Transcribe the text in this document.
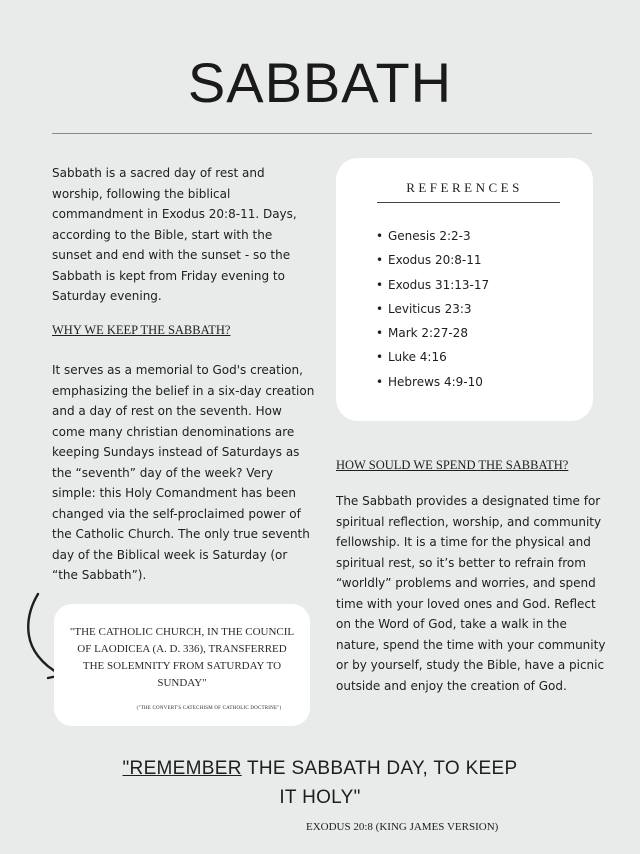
SABBATH

Sabbath is a sacred day of rest and worship, following the biblical commandment in Exodus 20:8-11. Days, according to the Bible, start with the sunset and end with the sunset - so the Sabbath is kept from Friday evening to Saturday evening.

WHY WE KEEP THE SABBATH?

It serves as a memorial to God's creation, emphasizing the belief in a six-day creation and a day of rest on the seventh. How come many christian denominations are keeping Sundays instead of Saturdays as the “seventh” day of the week? Very simple: this Holy Comandment has been changed via the self-proclaimed power of the Catholic Church. The only true seventh day of the Biblical week is Saturday (or “the Sabbath”).

REFERENCES

• Genesis 2:2-3
• Exodus 20:8-11
• Exodus 31:13-17
• Leviticus 23:3
• Mark 2:27-28
• Luke 4:16
• Hebrews 4:9-10

HOW SOULD WE SPEND THE SABBATH?

The Sabbath provides a designated time for spiritual reflection, worship, and community fellowship. It is a time for the physical and spiritual rest, so it’s better to refrain from “worldly” problems and worries, and spend time with your loved ones and God. Reflect on the Word of God, take a walk in the nature, spend the time with your community or by yourself, study the Bible, have a picnic outside and enjoy the creation of God.

"THE CATHOLIC CHURCH, IN THE COUNCIL OF LAODICEA (A. D. 336), TRANSFERRED THE SOLEMNITY FROM SATURDAY TO SUNDAY"

("THE CONVERT'S CATECHISM OF CATHOLIC DOCTRINE")

"REMEMBER THE SABBATH DAY, TO KEEP
IT HOLY"

EXODUS 20:8 (KING JAMES VERSION)
